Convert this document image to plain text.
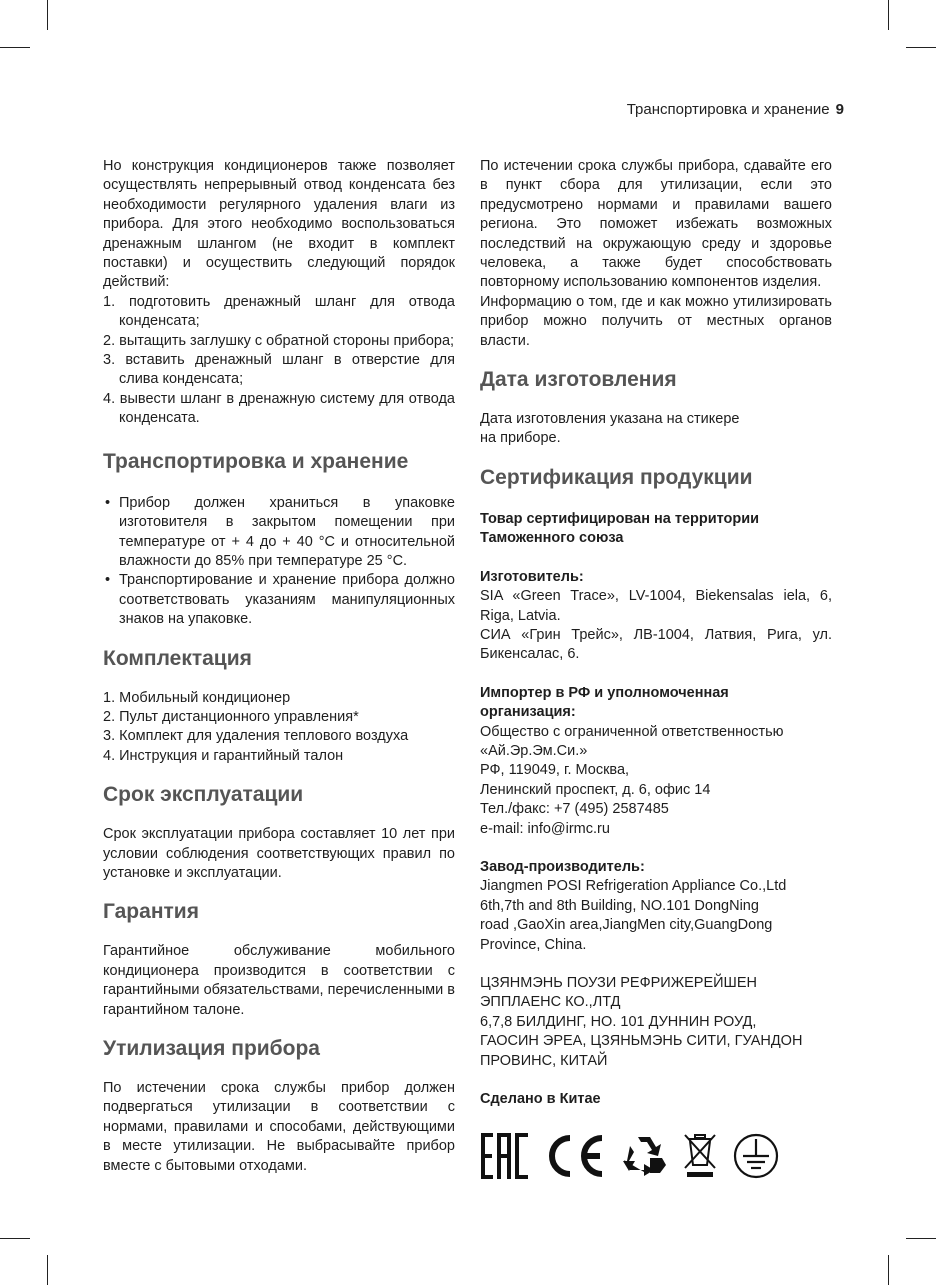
Транспортировка и хранение 9

Но конструкция кондиционеров также позволяет осуществлять непрерывный отвод конденсата без необходимости регулярного удаления влаги из прибора. Для этого необходимо воспользоваться дренажным шлангом (не входит в комплект поставки) и осуществить следующий порядок действий:

1. подготовить дренажный шланг для отвода конденсата;
2. вытащить заглушку с обратной стороны прибора;
3. вставить дренажный шланг в отверстие для слива конденсата;
4. вывести шланг в дренажную систему для отвода конденсата.
Транспортировка и хранение
• Прибор должен храниться в упаковке изготовителя в закрытом помещении при температуре от + 4 до + 40 °C и относительной влажности до 85% при температуре 25 °C.
• Транспортирование и хранение прибора должно соответствовать указаниям манипуляционных знаков на упаковке.
Комплектация
1. Мобильный кондиционер
2. Пульт дистанционного управления*
3. Комплект для удаления теплового воздуха
4. Инструкция и гарантийный талон
Срок эксплуатации

Срок эксплуатации прибора составляет 10 лет при условии соблюдения соответствующих правил по установке и эксплуатации.

Гарантия

Гарантийное обслуживание мобильного кондиционера производится в соответствии с гарантийными обязательствами, перечисленными в гарантийном талоне.

Утилизация прибора

По истечении срока службы прибор должен подвергаться утилизации в соответствии с нормами, правилами и способами, действующими в месте утилизации. Не выбрасывайте прибор вместе с бытовыми отходами.

По истечении срока службы прибора, сдавайте его в пункт сбора для утилизации, если это предусмотрено нормами и правилами вашего региона. Это поможет избежать возможных последствий на окружающую среду и здоровье человека, а также будет способствовать повторному использованию компонентов изделия.

Информацию о том, где и как можно утилизировать прибор можно получить от местных органов власти.

Дата изготовления

Дата изготовления указана на стикере

на приборе.

Сертификация продукции

Товар сертифицирован на территории

Таможенного союза

Изготовитель:

SIA «Green Trace», LV-1004, Biekensalas iela, 6, Riga, Latvia.

СИА «Грин Трейс», ЛВ-1004, Латвия, Рига, ул. Бикенсалас, 6.

Импортер в РФ и уполномоченная

организация:

Общество с ограниченной ответственностью

«Ай.Эр.Эм.Си.»

РФ, 119049, г. Москва,

Ленинский проспект, д. 6, офис 14

Тел./факс: +7 (495) 2587485

e-mail: info@irmc.ru

Завод-производитель:

Jiangmen POSI Refrigeration Appliance Co.,Ltd

6th,7th and 8th Building, NO.101 DongNing

road ,GaoXin area,JiangMen city,GuangDong

Province, China.

ЦЗЯНМЭНЬ ПОУЗИ РЕФРИЖЕРЕЙШЕН

ЭППЛАЕНС КО.,ЛТД

6,7,8 БИЛДИНГ, НО. 101 ДУННИН РОУД,

ГАОСИН ЭРЕА, ЦЗЯНЬМЭНЬ СИТИ, ГУАНДОН

ПРОВИНС, КИТАЙ

Сделано в Китае
